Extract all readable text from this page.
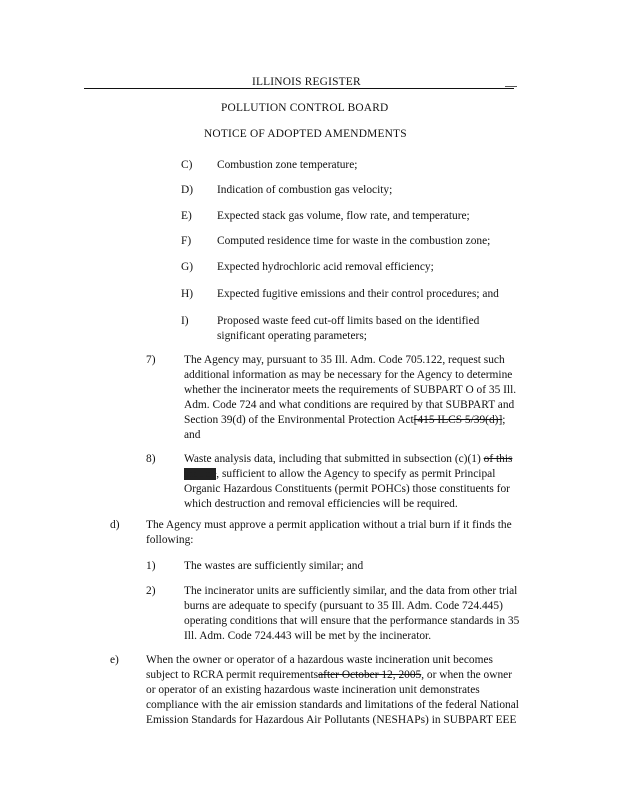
ILLINOIS REGISTER
POLLUTION CONTROL BOARD
NOTICE OF ADOPTED AMENDMENTS
C) Combustion zone temperature;
D) Indication of combustion gas velocity;
E) Expected stack gas volume, flow rate, and temperature;
F) Computed residence time for waste in the combustion zone;
G) Expected hydrochloric acid removal efficiency;
H) Expected fugitive emissions and their control procedures; and
I) Proposed waste feed cut-off limits based on the identified
significant operating parameters;
7)	The Agency may, pursuant to 35 Ill. Adm. Code 705.122, request such
additional information as may be necessary for the Agency to determine
whether the incinerator meets the requirements of SUBPART O of 35 Ill.
Adm. Code 724 and what conditions are required by that SUBPART and
Section 39(d) of the Environmental Protection Act[415 ILCS 5/39(d)];
and
8)	Waste analysis data, including that submitted in subsection (c)(1) of this
section, sufficient to allow the Agency to specify as permit Principal
Organic Hazardous Constituents (permit POHCs) those constituents for
which destruction and removal efficiencies will be required.
d) The Agency must approve a permit application without a trial burn if it finds the
following:
1)	The wastes are sufficiently similar; and
2)	The incinerator units are sufficiently similar, and the data from other trial
burns are adequate to specify (pursuant to 35 Ill. Adm. Code 724.445)
operating conditions that will ensure that the performance standards in 35
Ill. Adm. Code 724.443 will be met by the incinerator.
e) When the owner or operator of a hazardous waste incineration unit becomes
subject to RCRA permit requirementsafter October 12, 2005, or when the owner
or operator of an existing hazardous waste incineration unit demonstrates
compliance with the air emission standards and limitations of the federal National
Emission Standards for Hazardous Air Pollutants (NESHAPs) in SUBPART EEE
